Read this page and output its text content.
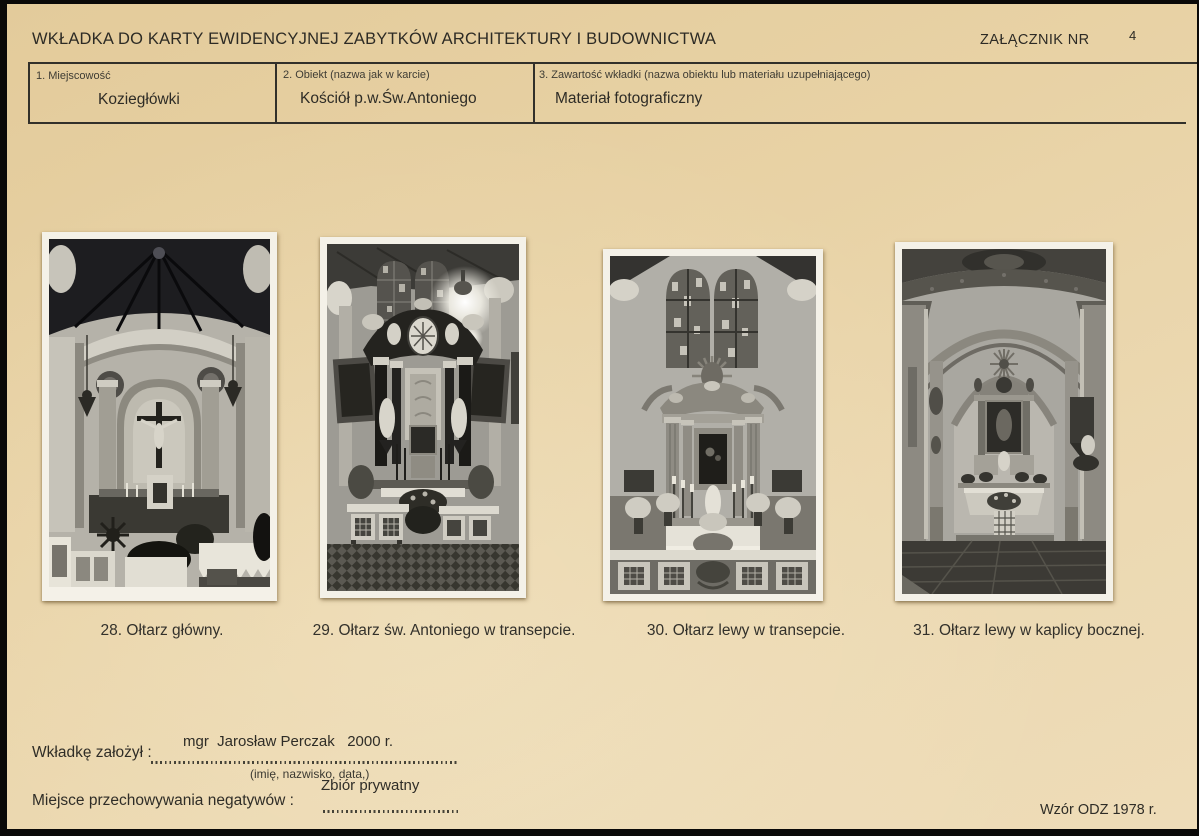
WKŁADKA DO KARTY EWIDENCYJNEJ ZABYTKÓW ARCHITEKTURY I BUDOWNICTWA	ZAŁĄCZNIK NR	4
1. Miejscowość
Koziegłówki
2. Obiekt (nazwa jak w karcie)
Kościół p.w.Św.Antoniego
3. Zawartość wkładki (nazwa obiektu lub materiału uzupełniającego)
Materiał fotograficzny
28. Ołtarz główny.	29. Ołtarz św. Antoniego w transepcie.	30. Ołtarz lewy w transepcie.	31. Ołtarz lewy w kaplicy bocznej.
Wkładkę założył :
mgr  Jarosław Perczak   2000 r.
(imię, nazwisko, data,)
Miejsce przechowywania negatywów :
Zbiór prywatny
Wzór ODZ 1978 r.
